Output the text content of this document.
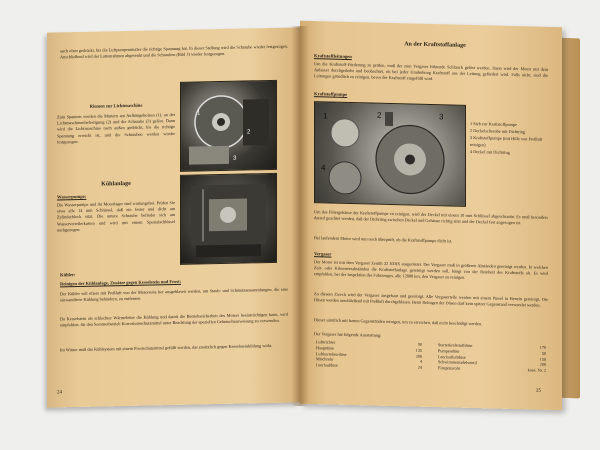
auch oben gedrückt, bis die Luftpumpenmutter die richtige Spannung hat. In dieser Stellung wird die Schraube wieder festgezogen. Anschließend wird der Lattenrahmen abgesenkt und die Schrauben (Bild 3) wieder festgezogen.

1
2
3

Riemen zur Lichtmaschine

Zum Spannen werden die Muttern am Aufhängebolzen (1), an der Lichtmaschinenbefestigung (2) und die Schraube (3) gelöst. Dann wird die Lichtmaschine nach außen gedrückt, bis die richtige Spannung erreicht ist, und die Schrauben werden wieder festgezogen.

Kühlanlage

Wasserpumpe:

Die Wasserpumpe und ihr Motorlager sind wartungsfrei. Prüfen Sie etwa alle 14 mm Schlüssel, daß ein fester und dicht am Zylinderblock sitzt. Die untere Schraube befindet sich am Wasserverteilerkasten und wird mit einem Spezialschlüssel nachgezogen.

Kühler:

Reinigen der Kühlanlage, Zusätze gegen Kesselstein und Frost:

Der Kühler soll öfters mit Preßluft von der Motorseite her ausgeblasen werden, um Staub- und Schmutzansammlungen, die eine einwandfreie Kühlung behindern, zu entfernen.

Da Kesselstein als schlechter Wärmeleiter die Kühlung und damit die Betriebssicherheit des Motors beeinträchtigen kann, wird empfohlen, für den Sommerbetrieb Korrosionsschutzmittel unter Beachtung der speziellen Gebrauchsanweisung zu verwenden.

Im Winter muß das Kühlsystem mit einem Frostschutzmittel gefüllt werden, das zusätzlich gegen Kesselsteinbildung wirkt.

24

An der Kraftstoffanlage

Kraftstoffleitungen

Um die Kraftstoff-Förderung zu prüfen, muß der zum Vergaser führende Schlauch gelöst werden. Dann wird der Motor mit dem Anlasser durchgedreht und beobachtet, ob bei jeder Umdrehung Kraftstoff aus der Leitung gefördert wird. Falls nicht, sind die Leitungen gründlich zu reinigen, bevor der Kraftstoff eingefüllt wird.

Kraftstoffpumpe

1	2	3
4
1 Sieb zur Kraftstoffpumpe
2 Deckelschraube mit Dichtring
3 Kraftstoffpumpe (mit Hilfe von Preßluft reinigen)
4 Deckel mit Dichtring

Um das Filtergehäuse der Kraftstoffpumpe zu reinigen, wird der Deckel mit einem 10 mm Schlüssel abgeschraubt. Es muß besonders darauf geachtet werden, daß der Dichtring zwischen Deckel und Gehäuse richtig sitzt und der Deckel fest angezogen ist.

Bei laufendem Motor wird nun noch überprüft, ob die Kraftstoffpumpe dicht ist.

Vergaser

Der Motor ist mit dem Vergaser Zenith 32 NDIX ausgerüstet. Der Vergaser muß in größeren Abständen gereinigt werden. In welchen Zeit- oder Kilometerabständen die Kraftstoffanlage gereinigt werden soll, hängt von der Reinheit des Kraftstoffs ab. Es wird empfohlen, bei der Inspektion des Fahrzeuges, alle 12000 km, den Vergaser zu reinigen.

Zu diesem Zweck wird der Vergaser ausgebaut und gereinigt. Alle Vergaserteile werden mit einem Pinsel in Benzin gereinigt. Die Düsen werden anschließend mit Preßluft durchgeblasen. Beim Reinigen der Düsen darf kein spitzer Gegenstand verwendet werden.

Dieser sämtlich mit harten Gegenständen reinigen, um zu erreichen, daß nicht beschädigt werden.

Der Vergaser hat folgende Ausstattung:

Lufttrichter	90
Hauptdüse	135
Luftkorrekturdüse	200
Mischrohr	4
Leerlaufdüse	24
Starterkraftstoffdüse	170
Pumpendüse	50
Leerlaufluftdüse	150
Schwimmernadelventil	200
Einspritzrohr	kons. Nr. 2
25
